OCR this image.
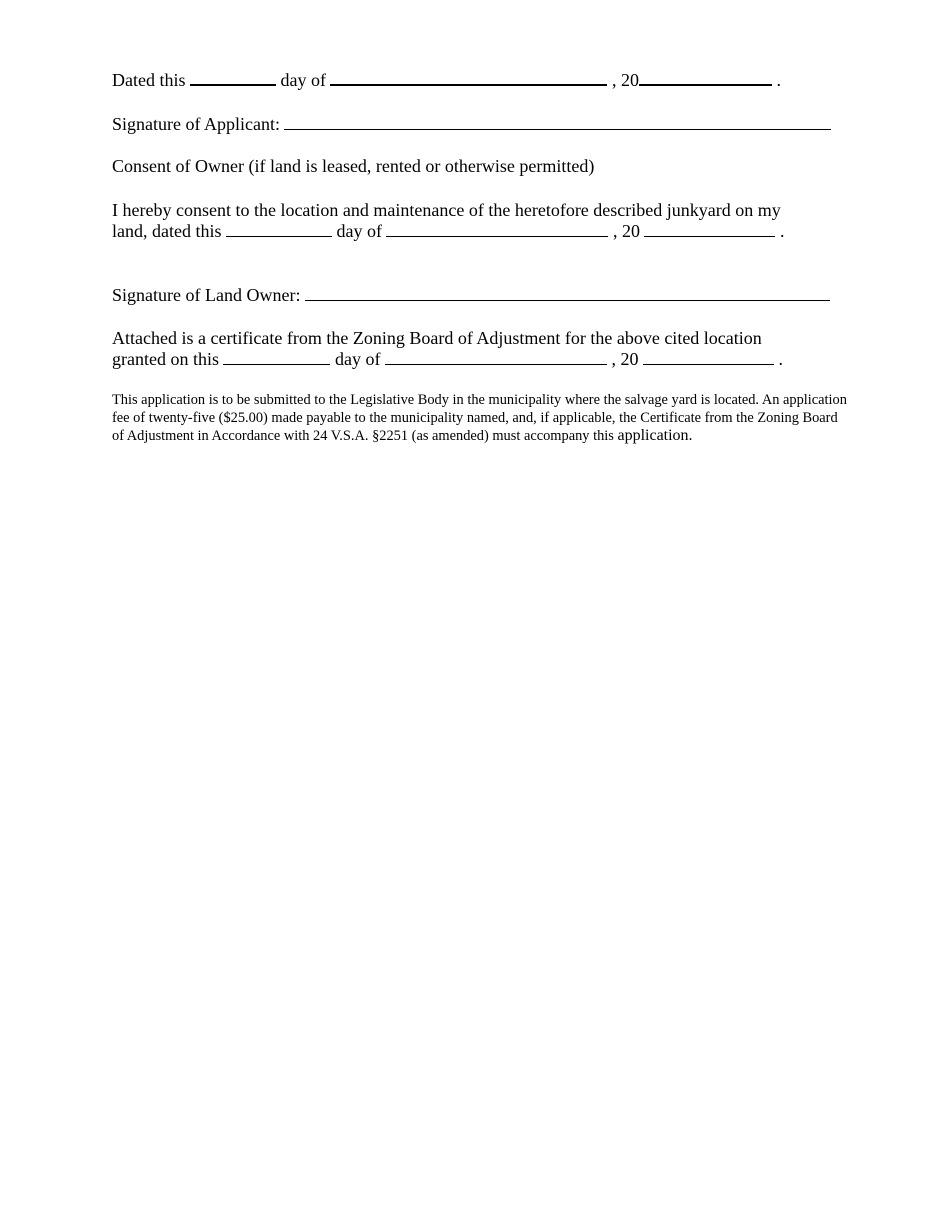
Dated this	day of	, 20	.
Signature of Applicant:
Consent of Owner (if land is leased, rented or otherwise permitted)
I hereby consent to the location and maintenance of the heretofore described junkyard on my
land, dated this	day of	, 20	.
Signature of Land Owner:
Attached is a certificate from the Zoning Board of Adjustment for the above cited location
granted on this	day of	, 20	.
This application is to be submitted to the Legislative Body in the municipality where the salvage yard is located. An application fee of twenty-five ($25.00) made payable to the municipality named, and, if applicable, the Certificate from the Zoning Board of Adjustment in Accordance with 24 V.S.A. §2251 (as amended) must accompany this application.
